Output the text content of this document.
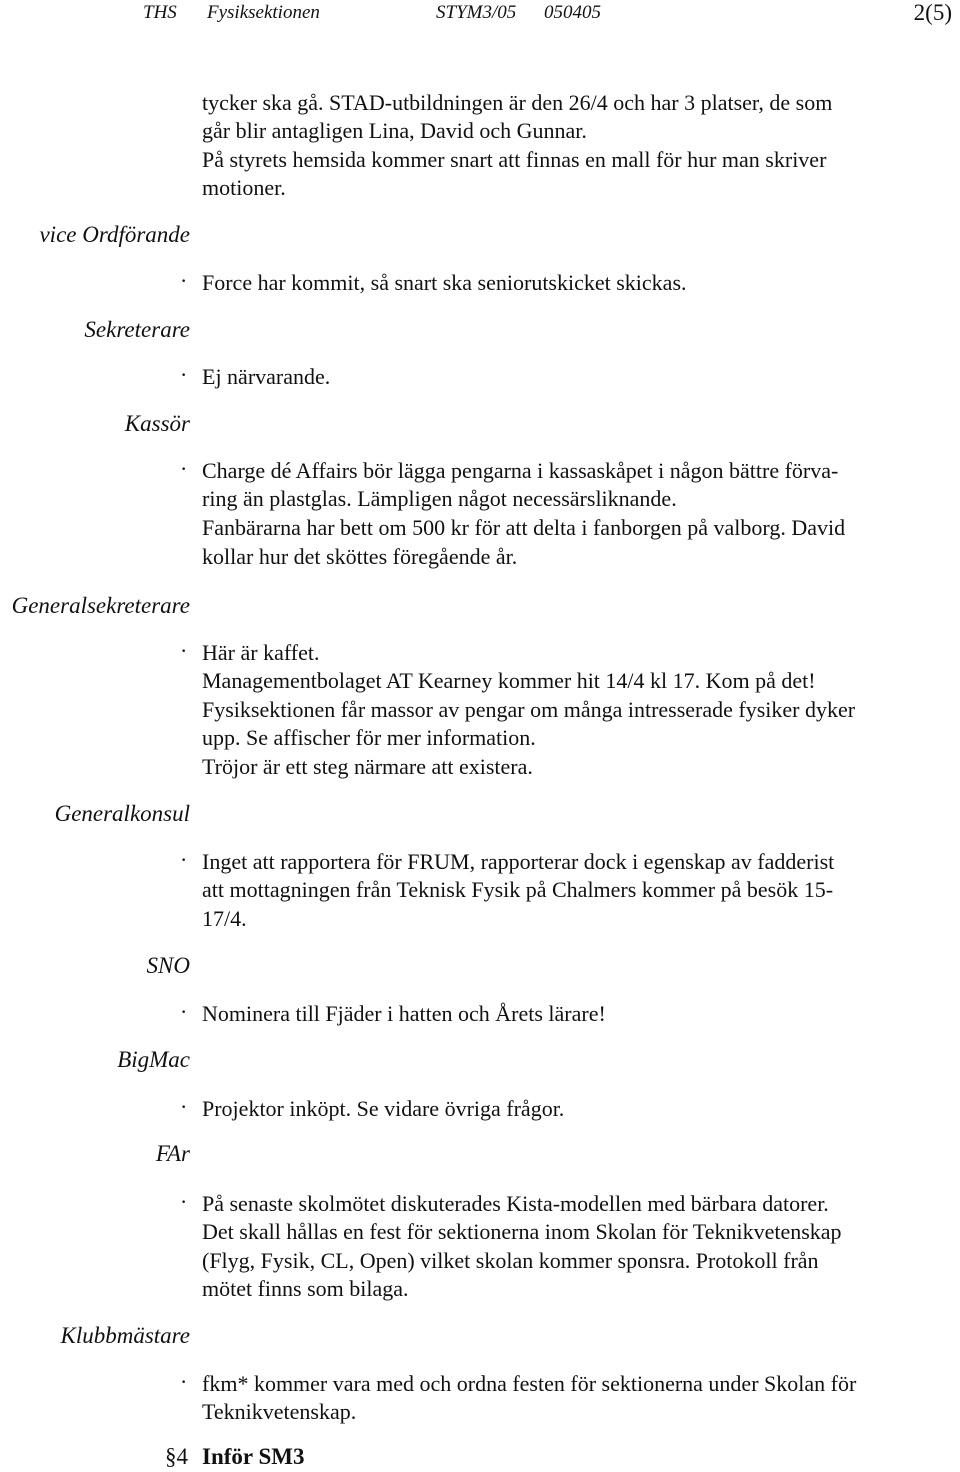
THS Fysiksektionen	STYM3/05 050405	2(5)
tycker ska gå. STAD-utbildningen är den 26/4 och har 3 platser, de som
går blir antagligen Lina, David och Gunnar.
På styrets hemsida kommer snart att finnas en mall för hur man skriver
motioner.
vice Ordförande
· Force har kommit, så snart ska seniorutskicket skickas.
Sekreterare
· Ej närvarande.
Kassör
· Charge dé Affairs bör lägga pengarna i kassaskåpet i någon bättre förva-
ring än plastglas. Lämpligen något necessärsliknande.
Fanbärarna har bett om 500 kr för att delta i fanborgen på valborg. David
kollar hur det sköttes föregående år.
Generalsekreterare
· Här är kaffet.
Managementbolaget AT Kearney kommer hit 14/4 kl 17. Kom på det!
Fysiksektionen får massor av pengar om många intresserade fysiker dyker
upp. Se affischer för mer information.
Tröjor är ett steg närmare att existera.
Generalkonsul
· Inget att rapportera för FRUM, rapporterar dock i egenskap av fadderist
att mottagningen från Teknisk Fysik på Chalmers kommer på besök 15-
17/4.
SNO
· Nominera till Fjäder i hatten och Årets lärare!
BigMac
· Projektor inköpt. Se vidare övriga frågor.
FAr
· På senaste skolmötet diskuterades Kista-modellen med bärbara datorer.
Det skall hållas en fest för sektionerna inom Skolan för Teknikvetenskap
(Flyg, Fysik, CL, Open) vilket skolan kommer sponsra. Protokoll från
mötet finns som bilaga.
Klubbmästare
· fkm* kommer vara med och ordna festen för sektionerna under Skolan för
Teknikvetenskap.
§4 Inför SM3
